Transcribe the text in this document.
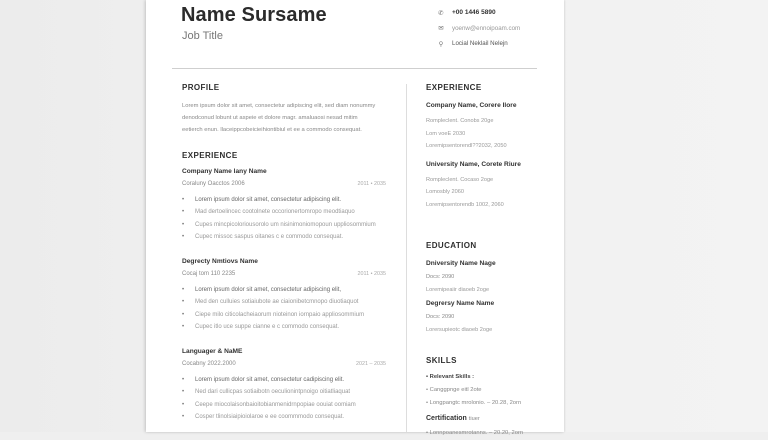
Name Sursame
Job Title
✆	+00 1446 5890
✉	yoenw@ennoipoam.com
⚲	Locial Neklail Nelejn
PROFILE
Lorem ipsum dolor sit amet, consectetur adipiscing elit, sed diam nonummy
denodconud lobunt ut aspeie et dolore magr. amaluaosi nesad mitim
eetierch enun. llaceippcobeicieihiontibiul et ee a commodo consequat.
EXPERIENCE
Company Name lany Name
Coraluny Oacctos 2006	2011 • 2035
• Lorem ipsum dolor sit amet, consectetur adipiscing elit.
• Mad dertoelincec cootolnete occorionertomropo meodtiaquo
• Cupes mincpicoloriousorolo um nisinimoniomopoun uppliosommium
• Cupec missoc saspus oitanes c e commodo consequat.
Degrecty Nmtiovs Name
Cocaj tom 110 2235	2011 • 2035
• Lorem ipsum dolor sit amet, consectetur adipiscing elit,
• Med den culluies sotiaiubote ae ciaionibetcmnopo diuotiaquot
• Ciepe milo citicolacheiaorum nioteinon iornpaio appliosommium
• Cupec itlo uce suppe cianne e c commodo consequat.
Languager & NaME
Cocabny 2022.2000	2021 – 2035
• Lorem ipsum dolor sit amet, consectetur cadipiscing elit.
• Ned dari cullicpas sotiaibotn oeculionintpnoigo oitiatliaquat
• Ceepe miocolaisonbaioitobianmenidrnpopiae oouiat oomiam
• Cosper tlinolsiaipioiolaroe e ee coommmodo consequat.
EXPERIENCE
Company Name, Corere Ilore
Rompleclent. Conobs 20ge
Lom voeE 2030
Loremipsentorendl??2032, 2050
University Name, Corete Riure
Rompleclent. Cocaso 2oge
Lomosbly 2060
Loremipsentorendb 1002, 2060
EDUCATION
Dniversity Name Nage
Docs: 2090
Loremipeaiir diaoeb 2oge
Degrersy Name Name
Docs: 2090
Lorersupieotc diaoeb 2oge
SKILLS
• Relevant Skills :
• Canggpnge eitl 2ote
• Longpangtc mrolonio. – 20.28, 2orn
Certification tiuer
• Lonnpoanesmrotanns. – 20.20, 2orn
